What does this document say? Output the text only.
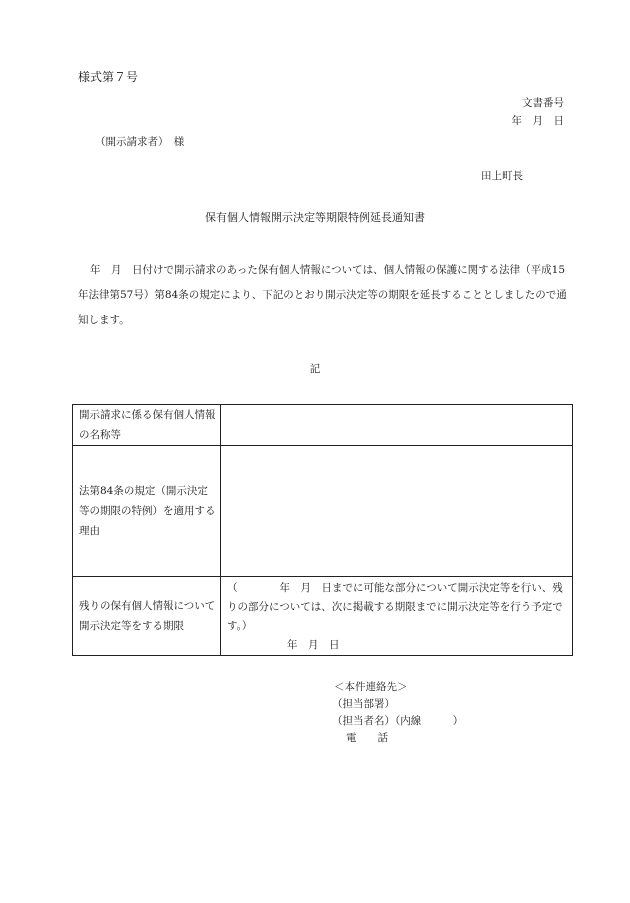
様式第７号
文書番号
年　月　日
（開示請求者）　様
田上町長
保有個人情報開示決定等期限特例延長通知書
年　月　日付けで開示請求のあった保有個人情報については、個人情報の保護に関する法律（平成15年法律第57号）第84条の規定により、下記のとおり開示決定等の期限を延長することとしましたので通知します。
記
開示請求に係る保有個人情報の名称等	
法第84条の規定（開示決定等の期限の特例）を適用する理由	
残りの保有個人情報について開示決定等をする期限	（　　　　年　月　日までに可能な部分について開示決定等を行い、残りの部分については、次に掲載する期限までに開示決定等を行う予定です。）
年　月　日
＜本件連絡先＞
（担当部署）
（担当者名）（内線　　　）
電　　話
